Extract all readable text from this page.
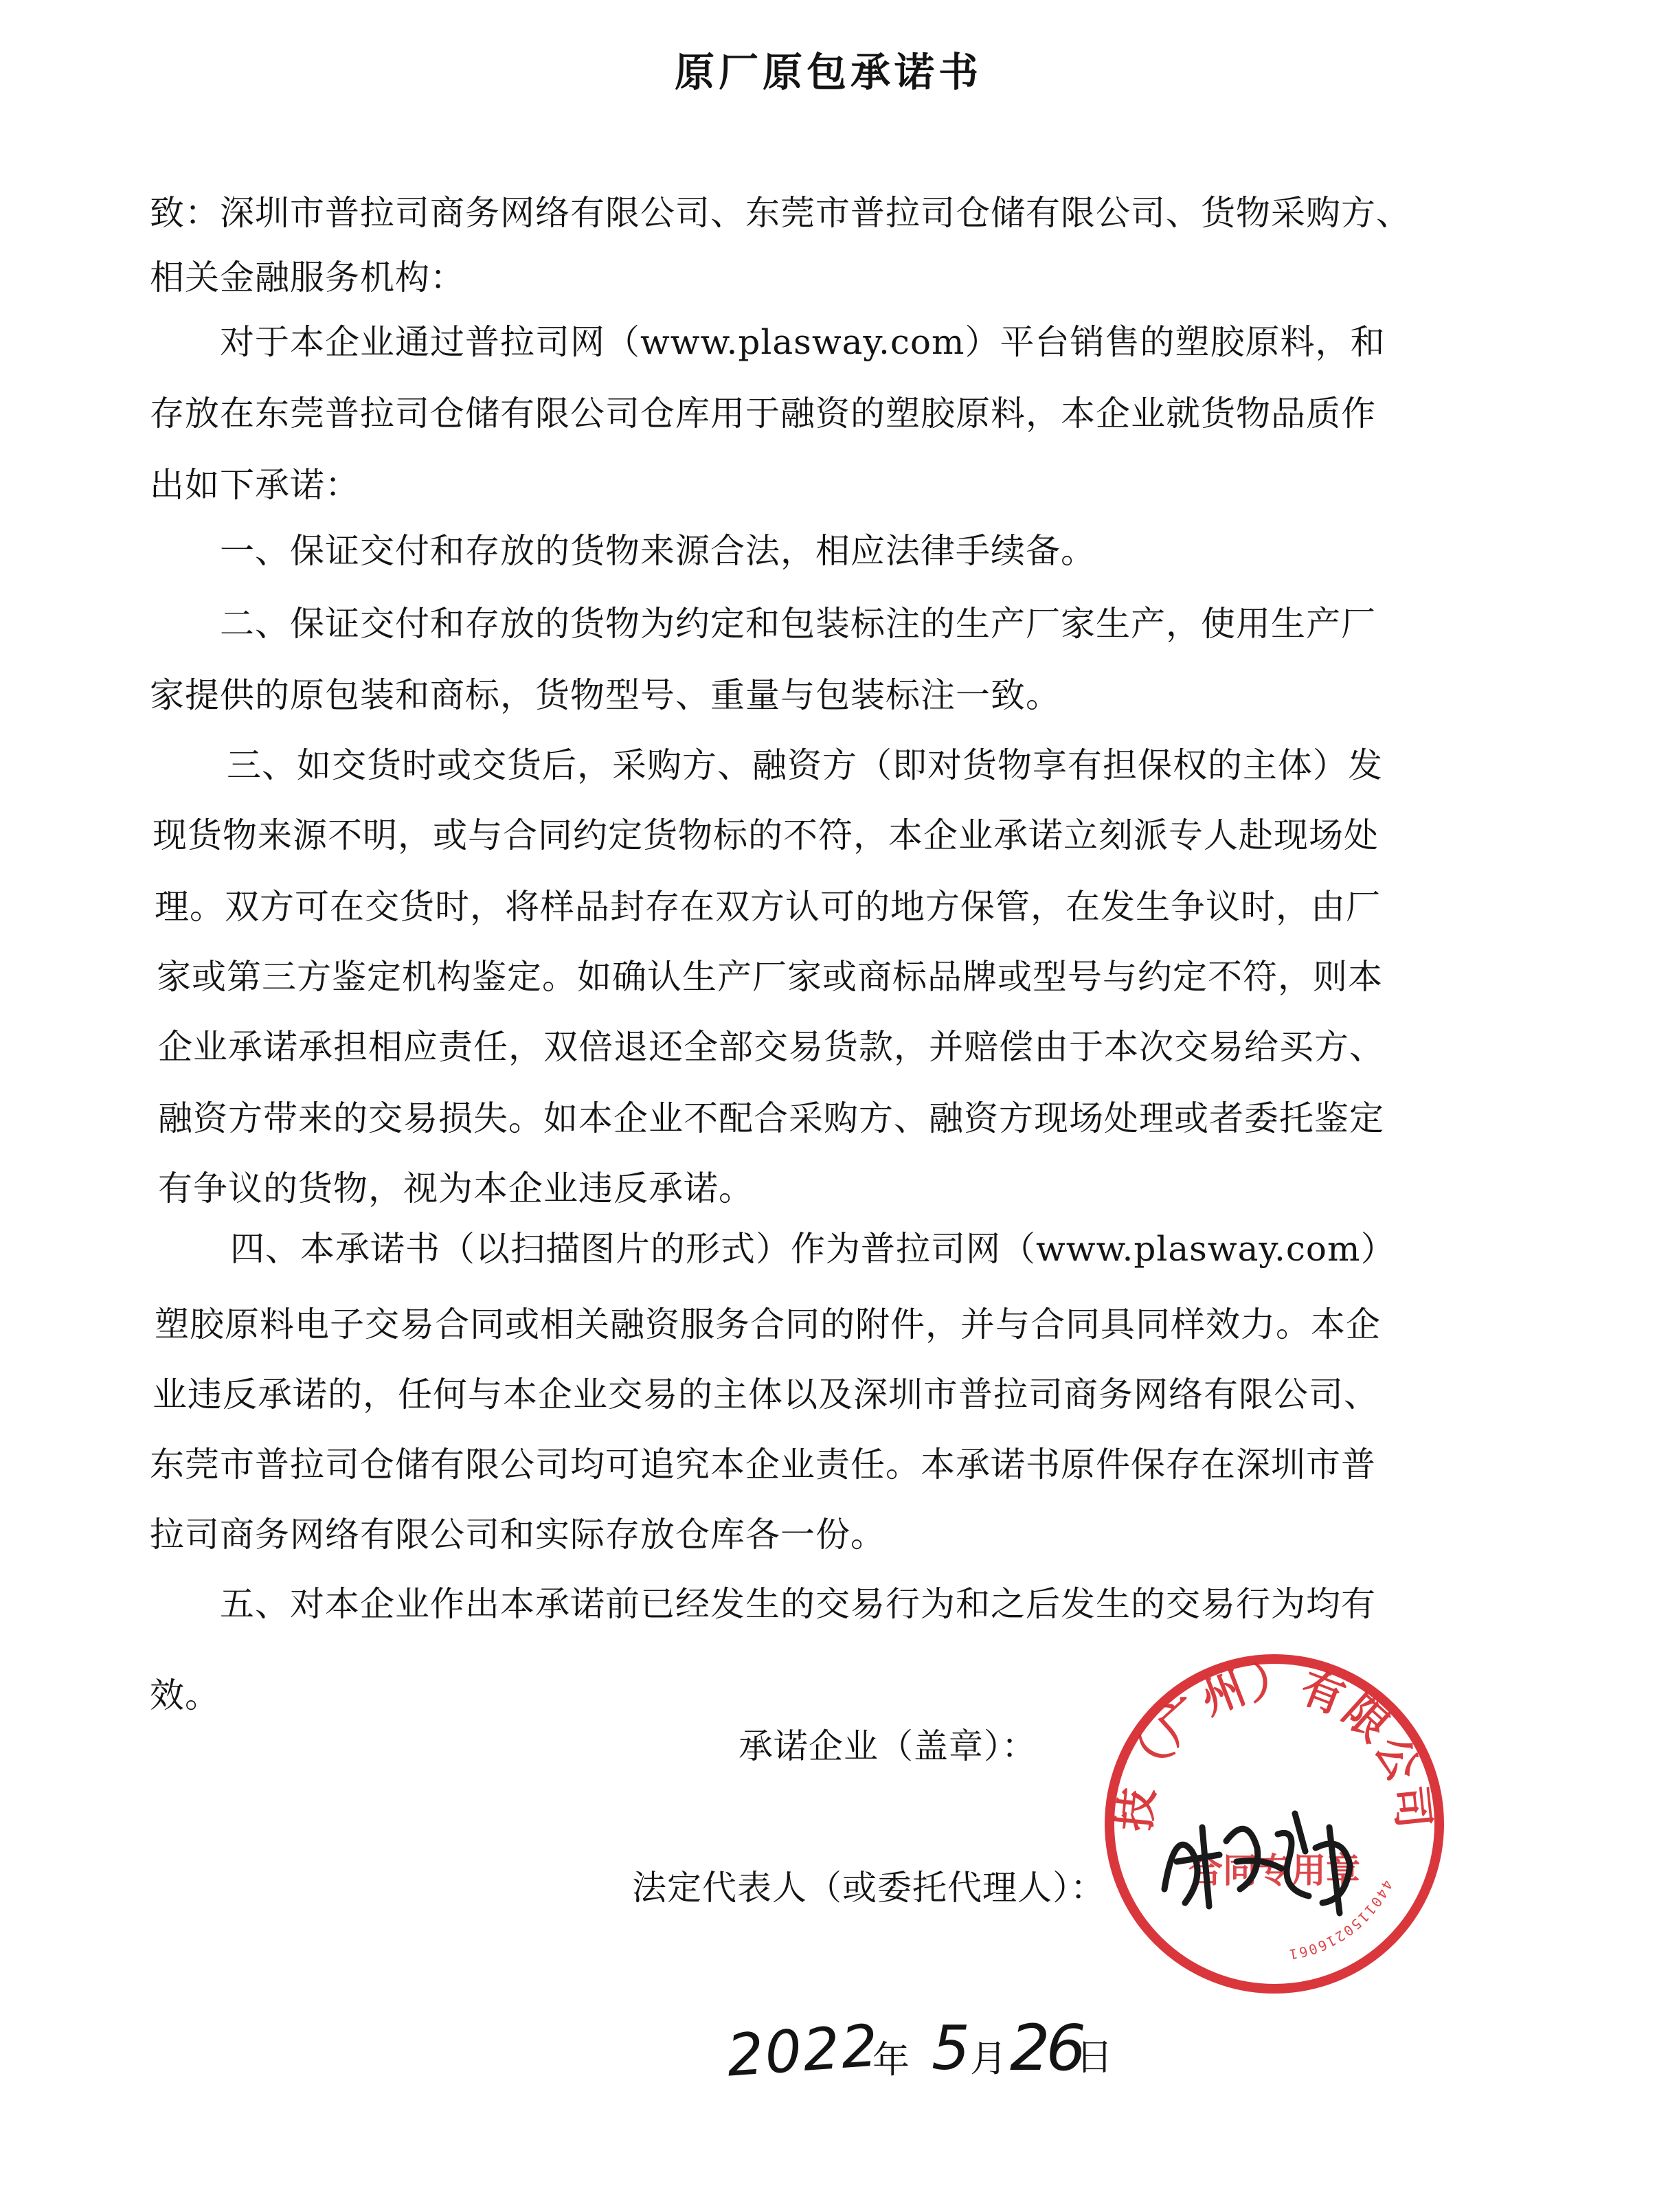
原厂原包承诺书
致：深圳市普拉司商务网络有限公司、东莞市普拉司仓储有限公司、货物采购方、
相关金融服务机构：
对于本企业通过普拉司网（www.plasway.com）平台销售的塑胶原料，和
存放在东莞普拉司仓储有限公司仓库用于融资的塑胶原料，本企业就货物品质作
出如下承诺：
一、保证交付和存放的货物来源合法，相应法律手续备。
二、保证交付和存放的货物为约定和包装标注的生产厂家生产，使用生产厂
家提供的原包装和商标，货物型号、重量与包装标注一致。
三、如交货时或交货后，采购方、融资方（即对货物享有担保权的主体）发
现货物来源不明，或与合同约定货物标的不符，本企业承诺立刻派专人赴现场处
理。双方可在交货时，将样品封存在双方认可的地方保管，在发生争议时，由厂
家或第三方鉴定机构鉴定。如确认生产厂家或商标品牌或型号与约定不符，则本
企业承诺承担相应责任，双倍退还全部交易货款，并赔偿由于本次交易给买方、
融资方带来的交易损失。如本企业不配合采购方、融资方现场处理或者委托鉴定
有争议的货物，视为本企业违反承诺。
四、本承诺书（以扫描图片的形式）作为普拉司网（www.plasway.com）
塑胶原料电子交易合同或相关融资服务合同的附件，并与合同具同样效力。本企
业违反承诺的，任何与本企业交易的主体以及深圳市普拉司商务网络有限公司、
东莞市普拉司仓储有限公司均可追究本企业责任。本承诺书原件保存在深圳市普
拉司商务网络有限公司和实际存放仓库各一份。
五、对本企业作出本承诺前已经发生的交易行为和之后发生的交易行为均有
效。
承诺企业（盖章）：
法定代表人（或委托代理人）：
技（广州）有限公司
4401150216061
合同专用章
2022
年 5 月 26
日
